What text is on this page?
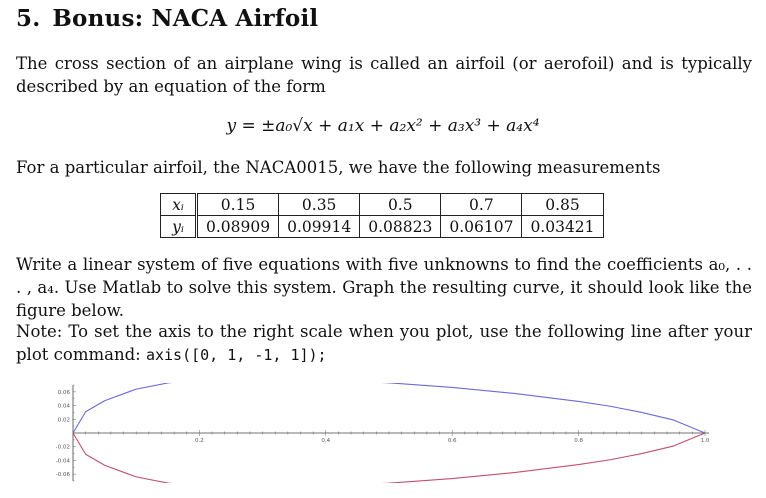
5. Bonus: NACA Airfoil
The cross section of an airplane wing is called an airfoil (or aerofoil) and is typically described by an equation of the form
y = ±a₀√x + a₁x + a₂x² + a₃x³ + a₄x⁴
For a particular airfoil, the NACA0015, we have the following measurements
xᵢ	0.15	0.35	0.5	0.7	0.85
yᵢ	0.08909	0.09914	0.08823	0.06107	0.03421
Write a linear system of five equations with five unknowns to find the coefficients a₀, . . . , a₄. Use Matlab to solve this system. Graph the resulting curve, it should look like the figure below.
Note: To set the axis to the right scale when you plot, use the following line after your plot command: axis([0, 1, -1, 1]);
0.2	0.4	0.6	0.8	1.0
0.06
0.04
0.02
-0.02
-0.04
-0.06
